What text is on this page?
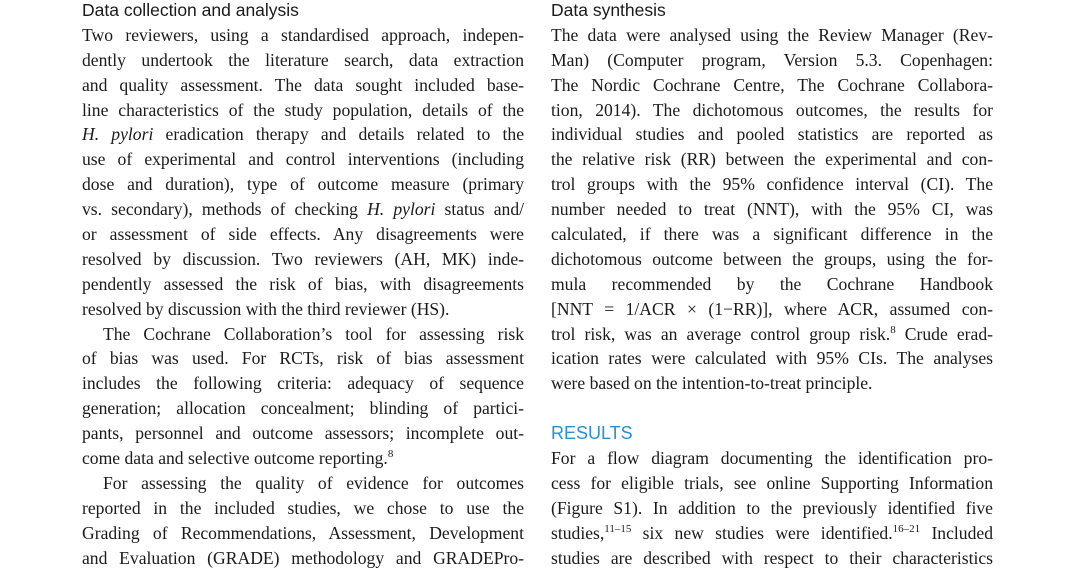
Data collection and analysis
Two reviewers, using a standardised approach, indepen-
dently undertook the literature search, data extraction
and quality assessment. The data sought included base-
line characteristics of the study population, details of the
H. pylori eradication therapy and details related to the
use of experimental and control interventions (including
dose and duration), type of outcome measure (primary
vs. secondary), methods of checking H. pylori status and/
or assessment of side effects. Any disagreements were
resolved by discussion. Two reviewers (AH, MK) inde-
pendently assessed the risk of bias, with disagreements
resolved by discussion with the third reviewer (HS).
The Cochrane Collaboration’s tool for assessing risk
of bias was used. For RCTs, risk of bias assessment
includes the following criteria: adequacy of sequence
generation; allocation concealment; blinding of partici-
pants, personnel and outcome assessors; incomplete out-
come data and selective outcome reporting.$^8$
For assessing the quality of evidence for outcomes
reported in the included studies, we chose to use the
Grading of Recommendations, Assessment, Development
and Evaluation (GRADE) methodology and GRADEPro-
Data synthesis
The data were analysed using the Review Manager (Rev-
Man) (Computer program, Version 5.3. Copenhagen:
The Nordic Cochrane Centre, The Cochrane Collabora-
tion, 2014). The dichotomous outcomes, the results for
individual studies and pooled statistics are reported as
the relative risk (RR) between the experimental and con-
trol groups with the 95% confidence interval (CI). The
number needed to treat (NNT), with the 95% CI, was
calculated, if there was a significant difference in the
dichotomous outcome between the groups, using the for-
mula recommended by the Cochrane Handbook
[NNT = 1/ACR × (1−RR)], where ACR, assumed con-
trol risk, was an average control group risk.$^8$ Crude erad-
ication rates were calculated with 95% CIs. The analyses
were based on the intention-to-treat principle.
RESULTS
For a flow diagram documenting the identification pro-
cess for eligible trials, see online Supporting Information
(Figure S1). In addition to the previously identified five
studies,$^{11-15}$ six new studies were identified.$^{16-21}$ Included
studies are described with respect to their characteristics
